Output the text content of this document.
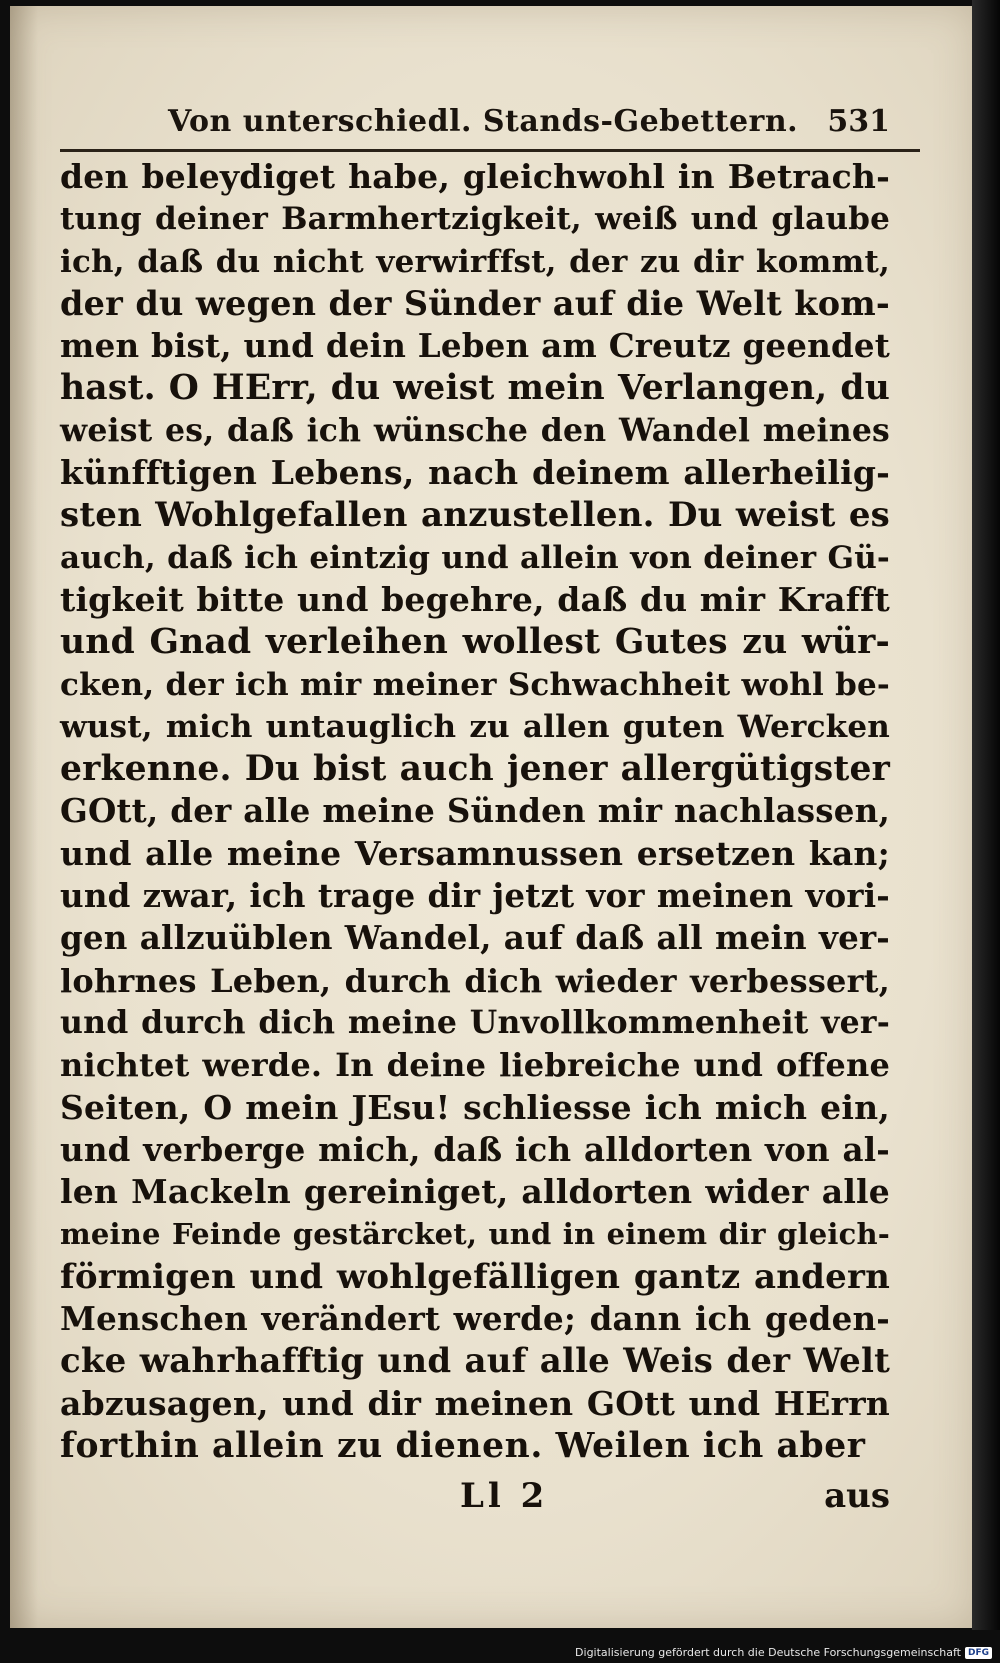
Von unterschiedl. Stands-Gebettern. 531
den beleydiget habe, gleichwohl in Betrach-
tung deiner Barmhertzigkeit, weiß und glaube
ich, daß du nicht verwirffst, der zu dir kommt,
der du wegen der Sünder auf die Welt kom-
men bist, und dein Leben am Creutz geendet
hast. O HErr, du weist mein Verlangen, du
weist es, daß ich wünsche den Wandel meines
künfftigen Lebens, nach deinem allerheilig-
sten Wohlgefallen anzustellen. Du weist es
auch, daß ich eintzig und allein von deiner Gü-
tigkeit bitte und begehre, daß du mir Krafft
und Gnad verleihen wollest Gutes zu wür-
cken, der ich mir meiner Schwachheit wohl be-
wust, mich untauglich zu allen guten Wercken
erkenne. Du bist auch jener allergütigster
GOtt, der alle meine Sünden mir nachlassen,
und alle meine Versamnussen ersetzen kan;
und zwar, ich trage dir jetzt vor meinen vori-
gen allzuüblen Wandel, auf daß all mein ver-
lohrnes Leben, durch dich wieder verbessert,
und durch dich meine Unvollkommenheit ver-
nichtet werde. In deine liebreiche und offene
Seiten, O mein JEsu! schliesse ich mich ein,
und verberge mich, daß ich alldorten von al-
len Mackeln gereiniget, alldorten wider alle
meine Feinde gestärcket, und in einem dir gleich-
förmigen und wohlgefälligen gantz andern
Menschen verändert werde; dann ich geden-
cke wahrhafftig und auf alle Weis der Welt
abzusagen, und dir meinen GOtt und HErrn
forthin allein zu dienen. Weilen ich aber
Ll 2	aus
Digitalisierung gefördert durch die Deutsche Forschungsgemeinschaft DFG
